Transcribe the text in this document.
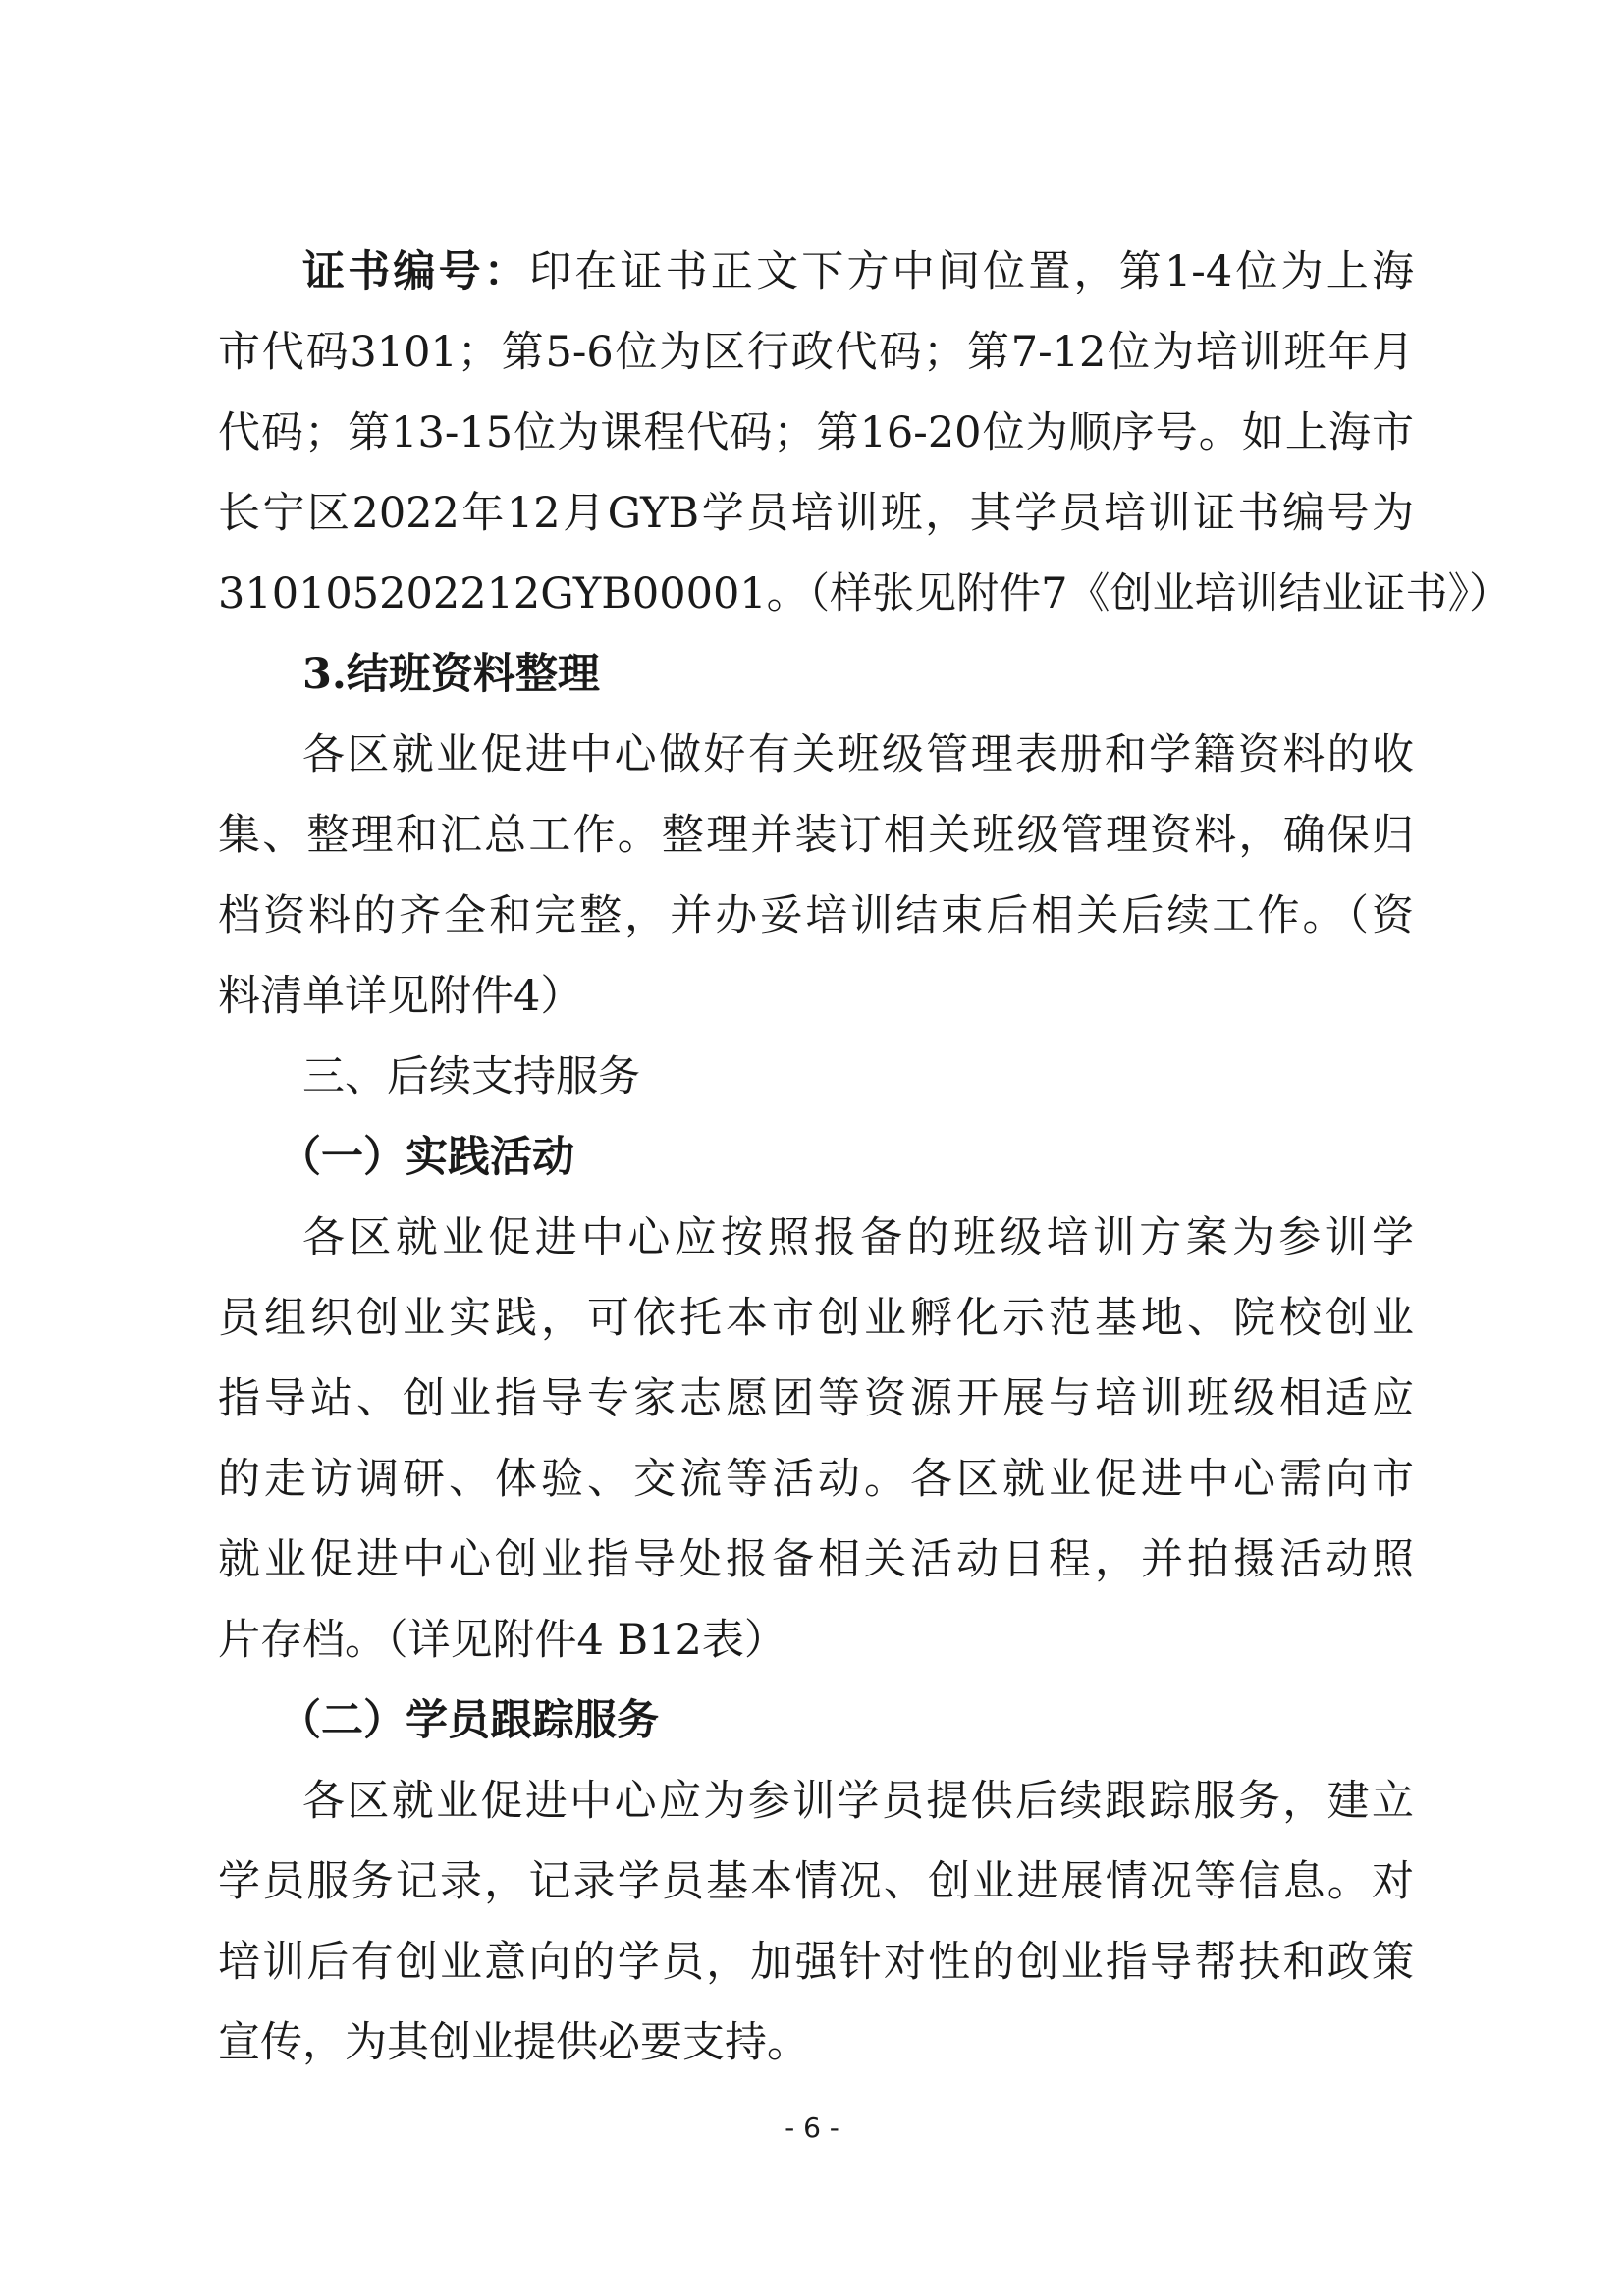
证书编号：印在证书正文下方中间位置，第1-4位为上海
市代码3101；第5-6位为区行政代码；第7-12位为培训班年月
代码；第13-15位为课程代码；第16-20位为顺序号。如上海市
长宁区2022年12月GYB学员培训班，其学员培训证书编号为
310105202212GYB00001。（样张见附件7《创业培训结业证书》）
3.结班资料整理
各区就业促进中心做好有关班级管理表册和学籍资料的收
集、整理和汇总工作。整理并装订相关班级管理资料，确保归
档资料的齐全和完整，并办妥培训结束后相关后续工作。（资
料清单详见附件4）
三、后续支持服务
（一）实践活动
各区就业促进中心应按照报备的班级培训方案为参训学
员组织创业实践，可依托本市创业孵化示范基地、院校创业
指导站、创业指导专家志愿团等资源开展与培训班级相适应
的走访调研、体验、交流等活动。各区就业促进中心需向市
就业促进中心创业指导处报备相关活动日程，并拍摄活动照
片存档。（详见附件4 B12表）
（二）学员跟踪服务
各区就业促进中心应为参训学员提供后续跟踪服务，建立
学员服务记录，记录学员基本情况、创业进展情况等信息。对
培训后有创业意向的学员，加强针对性的创业指导帮扶和政策
宣传，为其创业提供必要支持。
- 6 -
